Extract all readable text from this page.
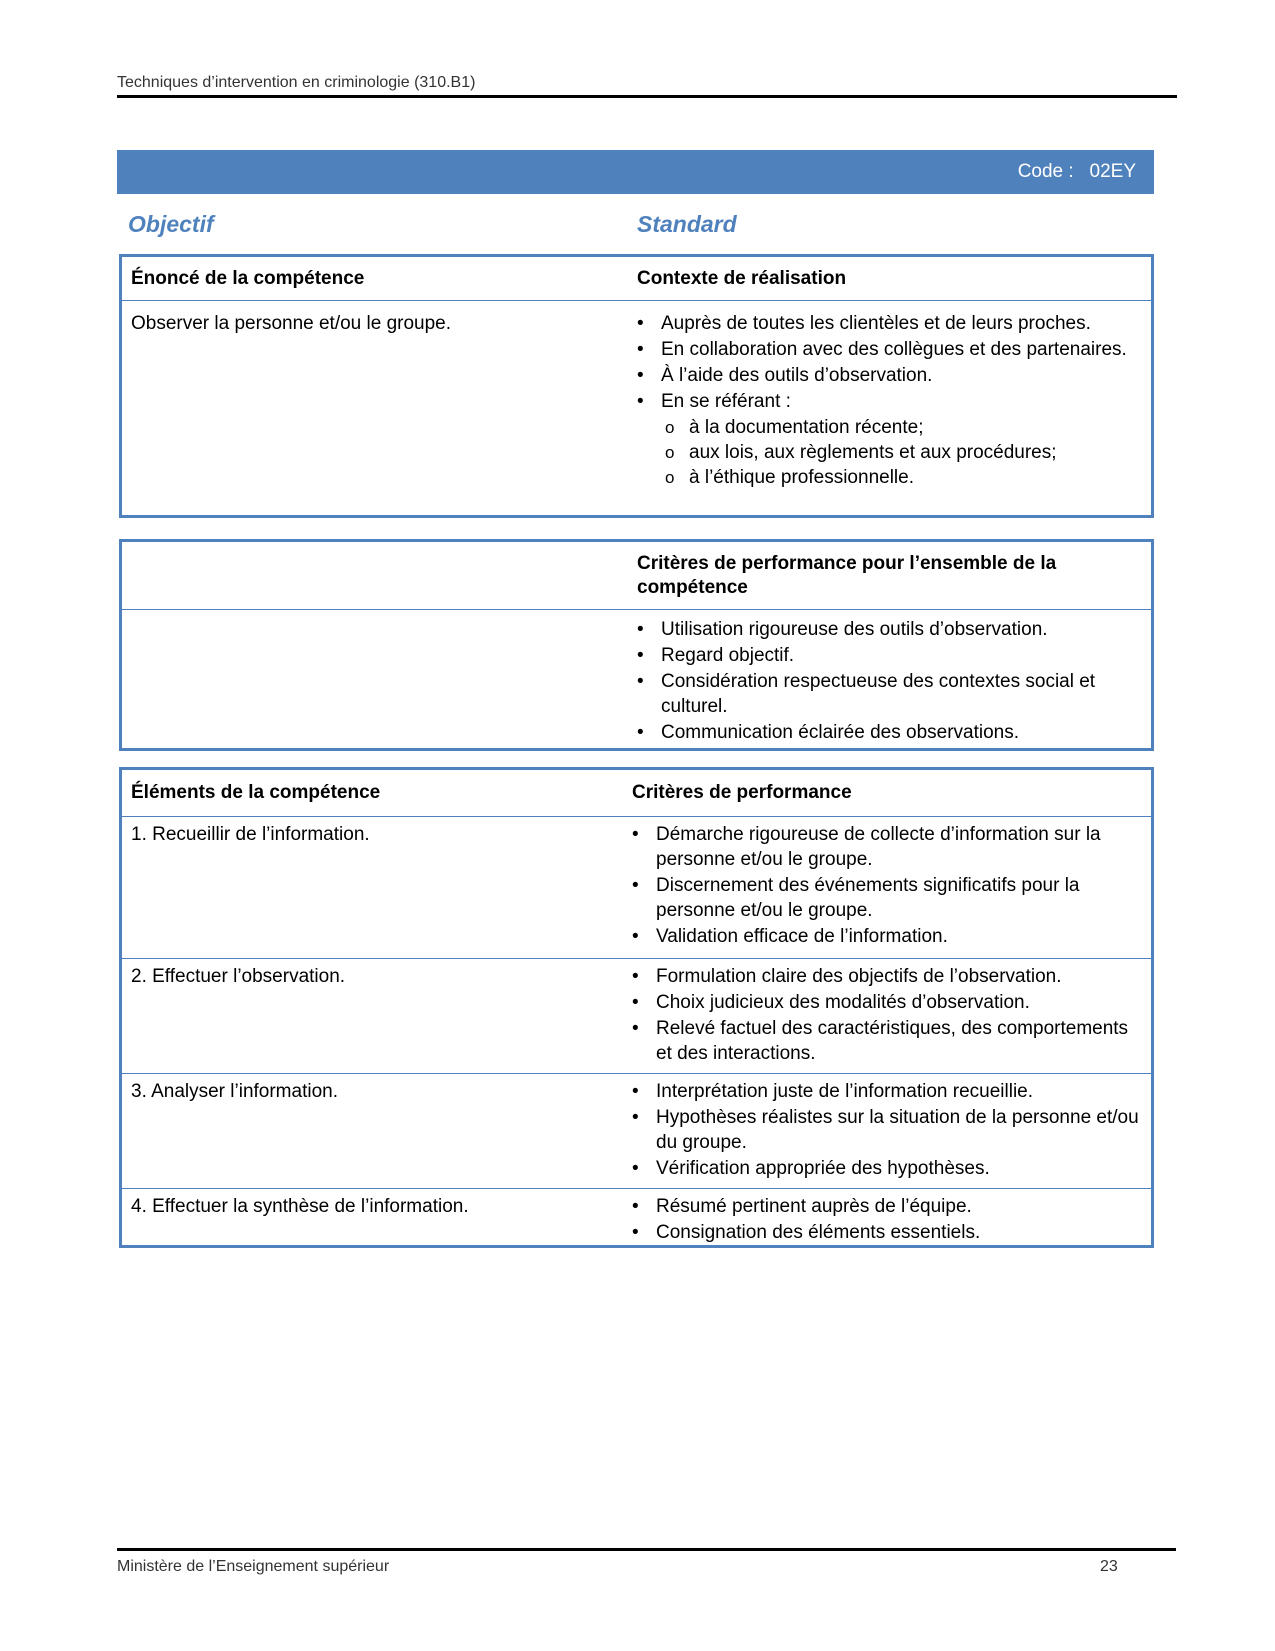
Techniques d’intervention en criminologie (310.B1)
Code : 02EY
Objectif	Standard
Énoncé de la compétence	Contexte de réalisation
Observer la personne et/ou le groupe.	• Auprès de toutes les clientèles et de leurs proches.
• En collaboration avec des collègues et des partenaires.
• À l’aide des outils d’observation.
• En se référant :
o à la documentation récente;
o aux lois, aux règlements et aux procédures;
o à l’éthique professionnelle.
Critères de performance pour l’ensemble de la compétence
• Utilisation rigoureuse des outils d’observation.
• Regard objectif.
• Considération respectueuse des contextes social et culturel.
• Communication éclairée des observations.
Éléments de la compétence	Critères de performance
1. Recueillir de l’information.	• Démarche rigoureuse de collecte d’information sur la personne et/ou le groupe.
• Discernement des événements significatifs pour la personne et/ou le groupe.
• Validation efficace de l’information.
2. Effectuer l’observation.	• Formulation claire des objectifs de l’observation.
• Choix judicieux des modalités d’observation.
• Relevé factuel des caractéristiques, des comportements et des interactions.
3. Analyser l’information.	• Interprétation juste de l’information recueillie.
• Hypothèses réalistes sur la situation de la personne et/ou du groupe.
• Vérification appropriée des hypothèses.
4. Effectuer la synthèse de l’information.	• Résumé pertinent auprès de l’équipe.
• Consignation des éléments essentiels.
Ministère de l’Enseignement supérieur	23
